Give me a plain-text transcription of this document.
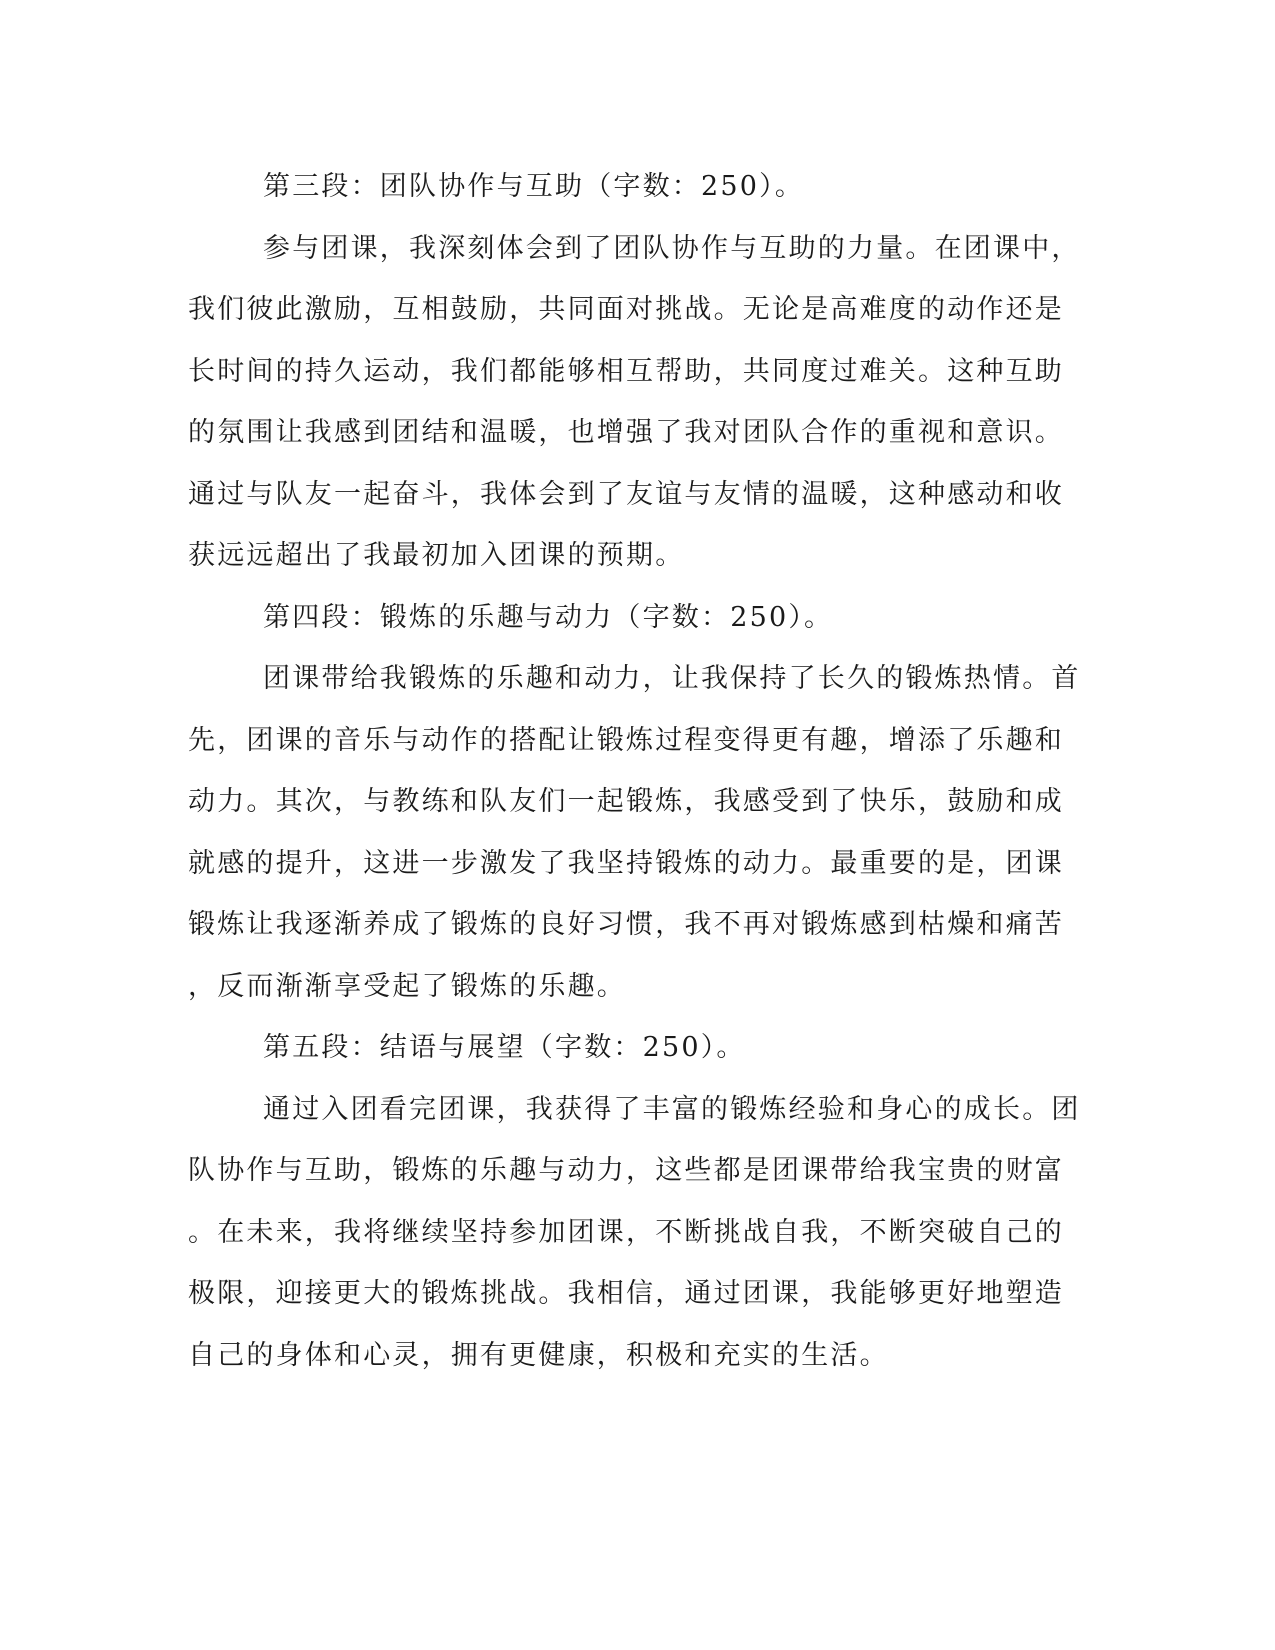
第三段：团队协作与互助（字数：250）。
参与团课，我深刻体会到了团队协作与互助的力量。在团课中，
我们彼此激励，互相鼓励，共同面对挑战。无论是高难度的动作还是
长时间的持久运动，我们都能够相互帮助，共同度过难关。这种互助
的氛围让我感到团结和温暖，也增强了我对团队合作的重视和意识。
通过与队友一起奋斗，我体会到了友谊与友情的温暖，这种感动和收
获远远超出了我最初加入团课的预期。
第四段：锻炼的乐趣与动力（字数：250）。
团课带给我锻炼的乐趣和动力，让我保持了长久的锻炼热情。首
先，团课的音乐与动作的搭配让锻炼过程变得更有趣，增添了乐趣和
动力。其次，与教练和队友们一起锻炼，我感受到了快乐，鼓励和成
就感的提升，这进一步激发了我坚持锻炼的动力。最重要的是，团课
锻炼让我逐渐养成了锻炼的良好习惯，我不再对锻炼感到枯燥和痛苦
，反而渐渐享受起了锻炼的乐趣。
第五段：结语与展望（字数：250）。
通过入团看完团课，我获得了丰富的锻炼经验和身心的成长。团
队协作与互助，锻炼的乐趣与动力，这些都是团课带给我宝贵的财富
。在未来，我将继续坚持参加团课，不断挑战自我，不断突破自己的
极限，迎接更大的锻炼挑战。我相信，通过团课，我能够更好地塑造
自己的身体和心灵，拥有更健康，积极和充实的生活。
